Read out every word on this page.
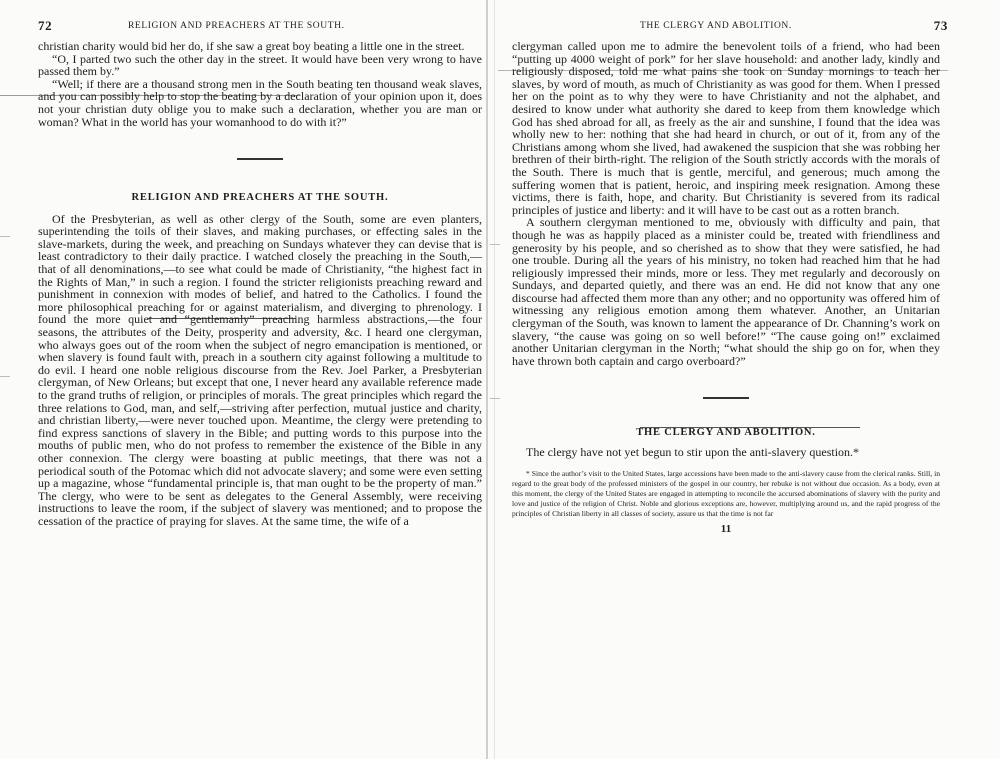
72	RELIGION AND PREACHERS AT THE SOUTH.

christian charity would bid her do, if she saw a great boy beating a little one in the street.

“O, I parted two such the other day in the street. It would have been very wrong to have passed them by.”

“Well; if there are a thousand strong men in the South beating ten thousand weak slaves, and you can possibly help to stop the beating by a declaration of your opinion upon it, does not your christian duty oblige you to make such a declaration, whether you are man or woman? What in the world has your womanhood to do with it?”

RELIGION AND PREACHERS AT THE SOUTH.

Of the Presbyterian, as well as other clergy of the South, some are even planters, superintending the toils of their slaves, and making purchases, or effecting sales in the slave-markets, during the week, and preaching on Sundays whatever they can devise that is least contradictory to their daily practice. I watched closely the preaching in the South,—that of all denominations,—to see what could be made of Christianity, “the highest fact in the Rights of Man,” in such a region. I found the stricter religionists preaching reward and punishment in connexion with modes of belief, and hatred to the Catholics. I found the more philosophical preaching for or against materialism, and diverging to phrenology. I found the more quiet and “gentlemanly” preaching harmless abstractions,—the four seasons, the attributes of the Deity, prosperity and adversity, &c. I heard one clergyman, who always goes out of the room when the subject of negro emancipation is mentioned, or when slavery is found fault with, preach in a southern city against following a multitude to do evil. I heard one noble religious discourse from the Rev. Joel Parker, a Presbyterian clergyman, of New Orleans; but except that one, I never heard any available reference made to the grand truths of religion, or principles of morals. The great principles which regard the three relations to God, man, and self,—striving after perfection, mutual justice and charity, and christian liberty,—were never touched upon. Meantime, the clergy were pretending to find express sanctions of slavery in the Bible; and putting words to this purpose into the mouths of public men, who do not profess to remember the existence of the Bible in any other connexion. The clergy were boasting at public meetings, that there was not a periodical south of the Potomac which did not advocate slavery; and some were even setting up a magazine, whose “fundamental principle is, that man ought to be the property of man.” The clergy, who were to be sent as delegates to the General Assembly, were receiving instructions to leave the room, if the subject of slavery was mentioned; and to propose the cessation of the practice of praying for slaves. At the same time, the wife of a

THE CLERGY AND ABOLITION.	73

clergyman called upon me to admire the benevolent toils of a friend, who had been “putting up 4000 weight of pork” for her slave household: and another lady, kindly and religiously disposed, told me what pains she took on Sunday mornings to teach her slaves, by word of mouth, as much of Christianity as was good for them. When I pressed her on the point as to why they were to have Christianity and not the alphabet, and desired to know under what authority she dared to keep from them knowledge which God has shed abroad for all, as freely as the air and sunshine, I found that the idea was wholly new to her: nothing that she had heard in church, or out of it, from any of the Christians among whom she lived, had awakened the suspicion that she was robbing her brethren of their birth-right. The religion of the South strictly accords with the morals of the South. There is much that is gentle, merciful, and generous; much among the suffering women that is patient, heroic, and inspiring meek resignation. Among these victims, there is faith, hope, and charity. But Christianity is severed from its radical principles of justice and liberty: and it will have to be cast out as a rotten branch.

A southern clergyman mentioned to me, obviously with difficulty and pain, that though he was as happily placed as a minister could be, treated with friendliness and generosity by his people, and so cherished as to show that they were satisfied, he had one trouble. During all the years of his ministry, no token had reached him that he had religiously impressed their minds, more or less. They met regularly and decorously on Sundays, and departed quietly, and there was an end. He did not know that any one discourse had affected them more than any other; and no opportunity was offered him of witnessing any religious emotion among them whatever. Another, an Unitarian clergyman of the South, was known to lament the appearance of Dr. Channing’s work on slavery, “the cause was going on so well before!” “The cause going on!” exclaimed another Unitarian clergyman in the North; “what should the ship go on for, when they have thrown both captain and cargo overboard?”

THE CLERGY AND ABOLITION.

The clergy have not yet begun to stir upon the anti-slavery question.*

* Since the author’s visit to the United States, large accessions have been made to the anti-slavery cause from the clerical ranks. Still, in regard to the great body of the professed ministers of the gospel in our country, her rebuke is not without due occasion. As a body, even at this moment, the clergy of the United States are engaged in attempting to reconcile the accursed abominations of slavery with the purity and love and justice of the religion of Christ. Noble and glorious exceptions are, however, multiplying around us, and the rapid progress of the principles of Christian liberty in all classes of society, assure us that the time is not far

11
